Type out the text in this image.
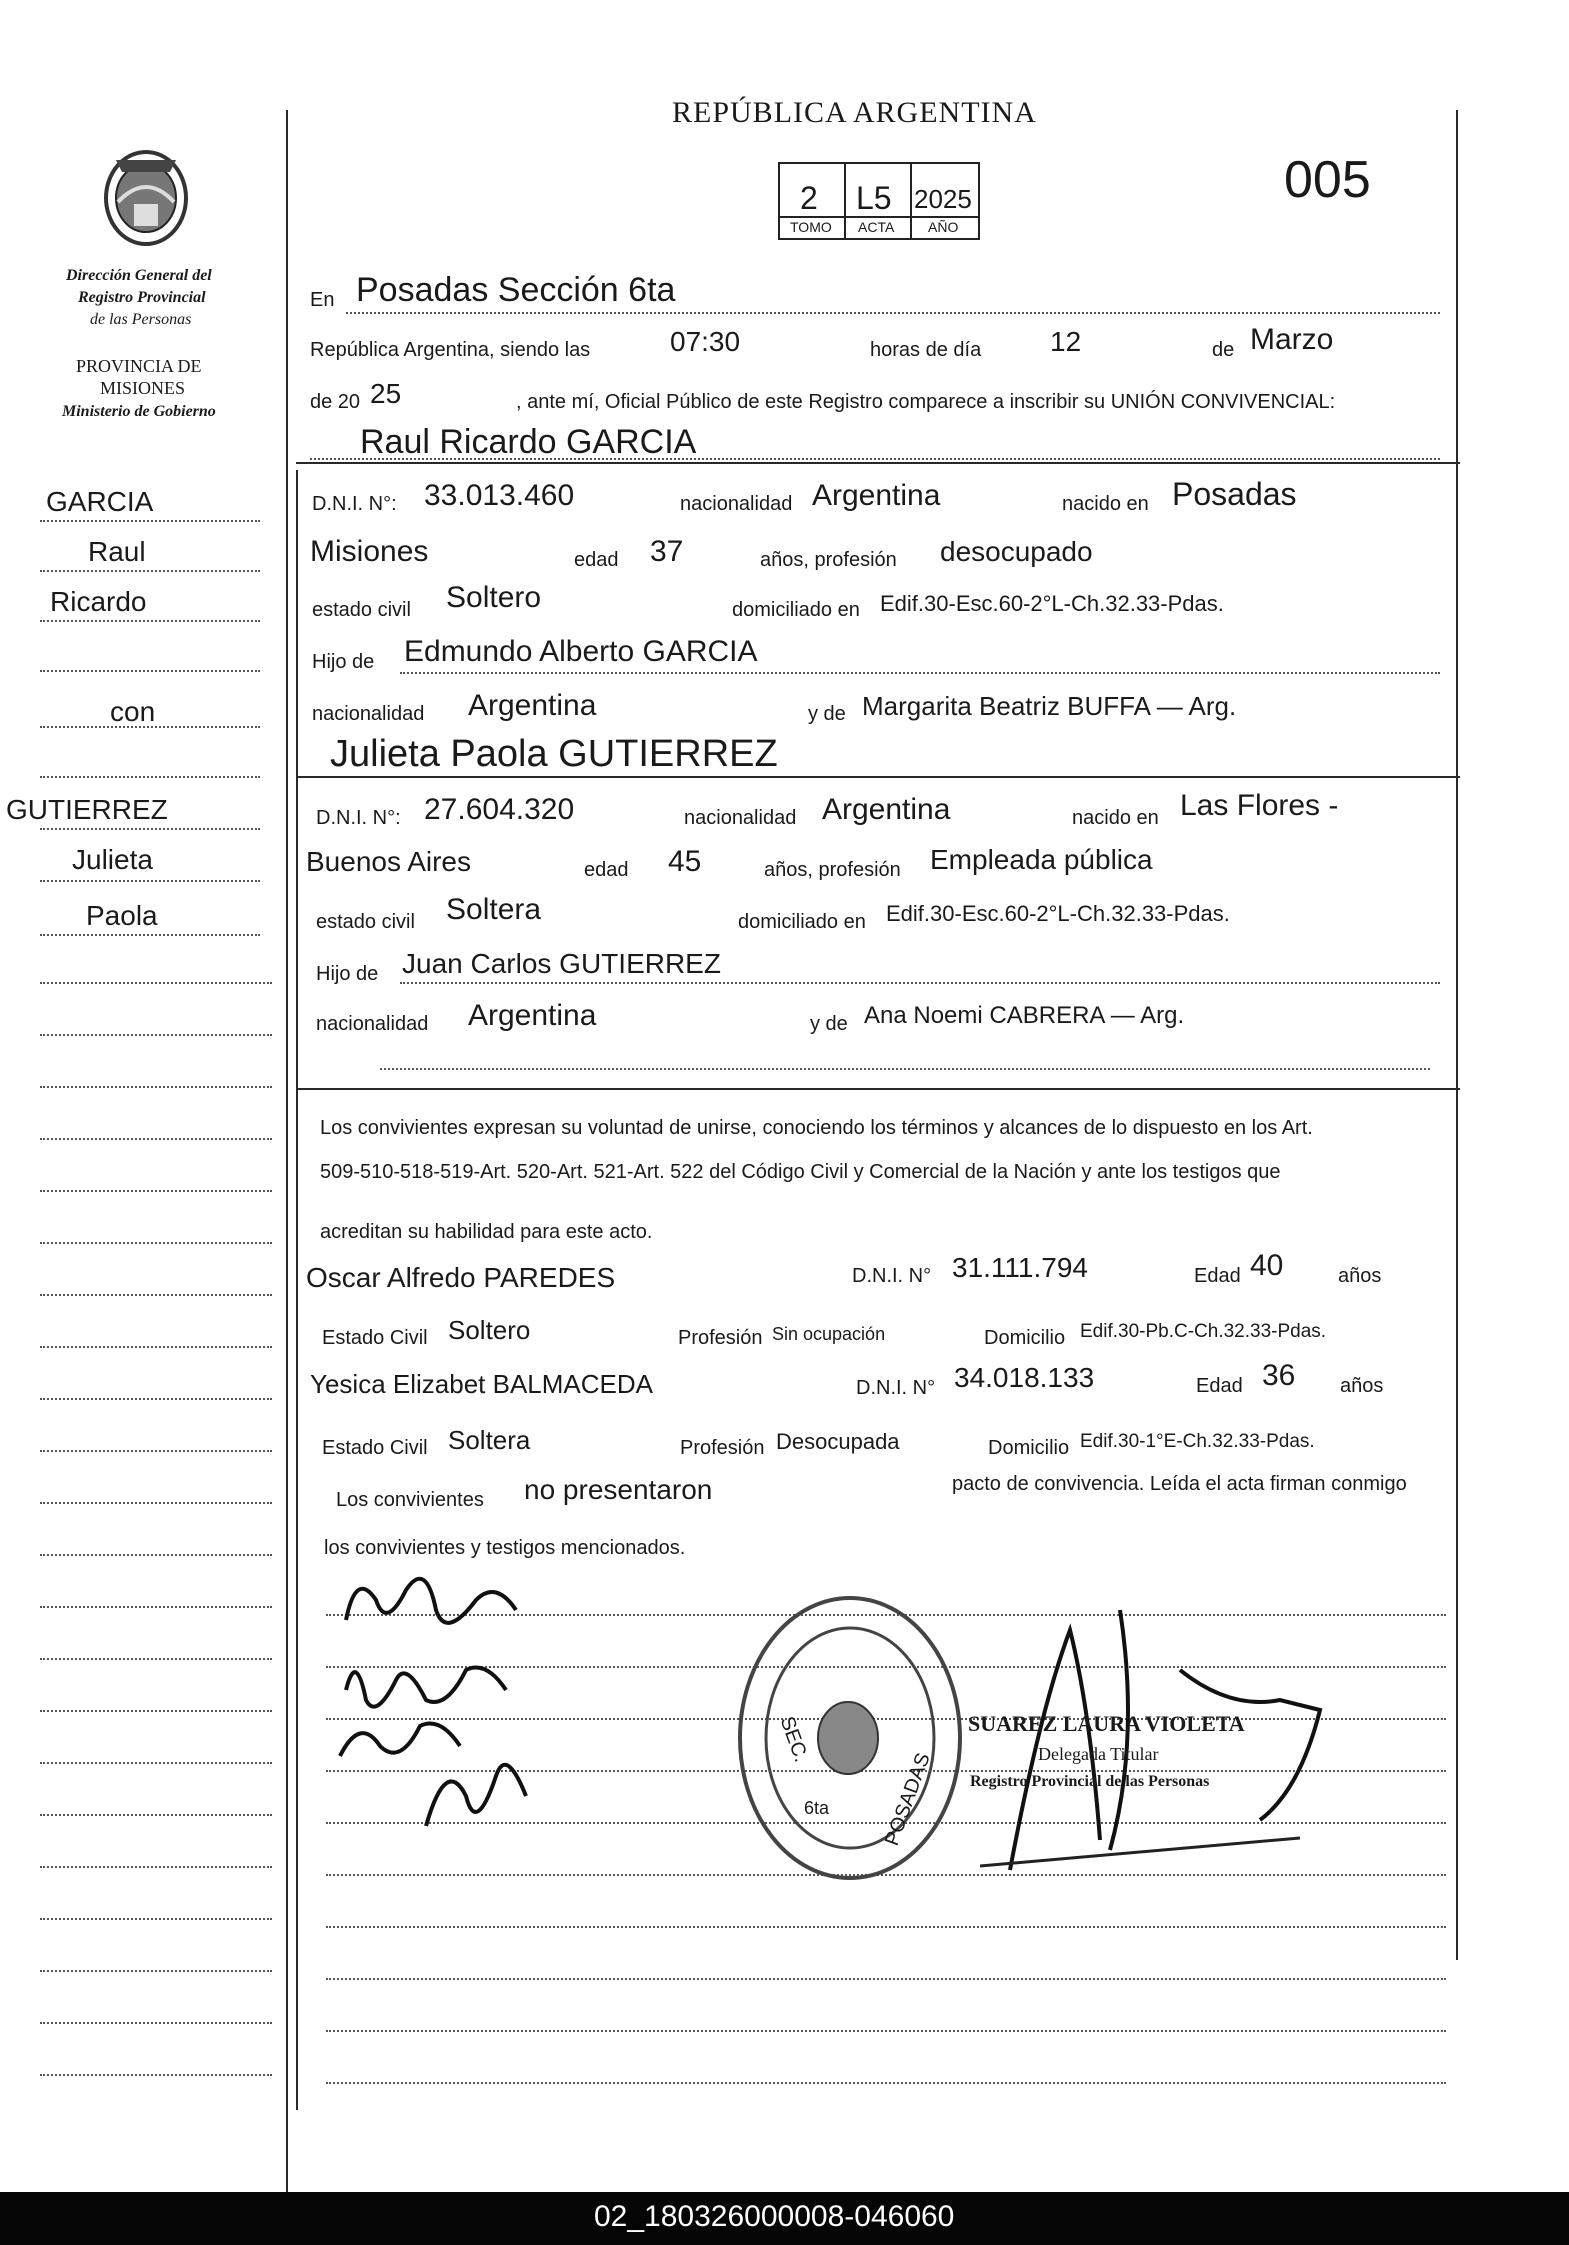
REPÚBLICA ARGENTINA
005
2 L5 2025
TOMO ACTA AÑO
Dirección General del
Registro Provincial
de las Personas
PROVINCIA DE
MISIONES
Ministerio de Gobierno
GARCIA
Raul
Ricardo
con
GUTIERREZ
Julieta
Paola
En Posadas Sección 6ta
República Argentina, siendo las	07:30	horas de día 12	de Marzo
de 20 25	, ante mí, Oficial Público de este Registro comparece a inscribir su UNIÓN CONVIVENCIAL:
Raul Ricardo GARCIA
D.N.I. N°: 33.013.460	nacionalidad Argentina	nacido en Posadas
Misiones	edad 37	años, profesión desocupado
estado civil Soltero	domiciliado en Edif.30-Esc.60-2°L-Ch.32.33-Pdas.
Hijo de Edmundo Alberto GARCIA
nacionalidad Argentina	y de Margarita Beatriz BUFFA — Arg.
Julieta Paola GUTIERREZ
D.N.I. N°: 27.604.320	nacionalidad Argentina	nacido en Las Flores -
Buenos Aires	edad 45	años, profesión Empleada pública
estado civil Soltera	domiciliado en Edif.30-Esc.60-2°L-Ch.32.33-Pdas.
Hijo de Juan Carlos GUTIERREZ
nacionalidad Argentina	y de Ana Noemi CABRERA — Arg.
Los convivientes expresan su voluntad de unirse, conociendo los términos y alcances de lo dispuesto en los Art.
509-510-518-519-Art. 520-Art. 521-Art. 522 del Código Civil y Comercial de la Nación y ante los testigos que
acreditan su habilidad para este acto.
Oscar Alfredo PAREDES	D.N.I. N° 31.111.794	Edad 40	años
Estado Civil Soltero	Profesión Sin ocupación	Domicilio Edif.30-Pb.C-Ch.32.33-Pdas.
Yesica Elizabet BALMACEDA	D.N.I. N° 34.018.133	Edad 36 años
Estado Civil Soltera	Profesión Desocupada	Domicilio Edif.30-1°E-Ch.32.33-Pdas.
Los convivientes no presentaron	pacto de convivencia. Leída el acta firman conmigo
los convivientes y testigos mencionados.
SEC.
6ta	POSADAS
SUAREZ LAURA VIOLETA
Delegada Titular
Registro Provincial de las Personas
02_180326000008-046060
